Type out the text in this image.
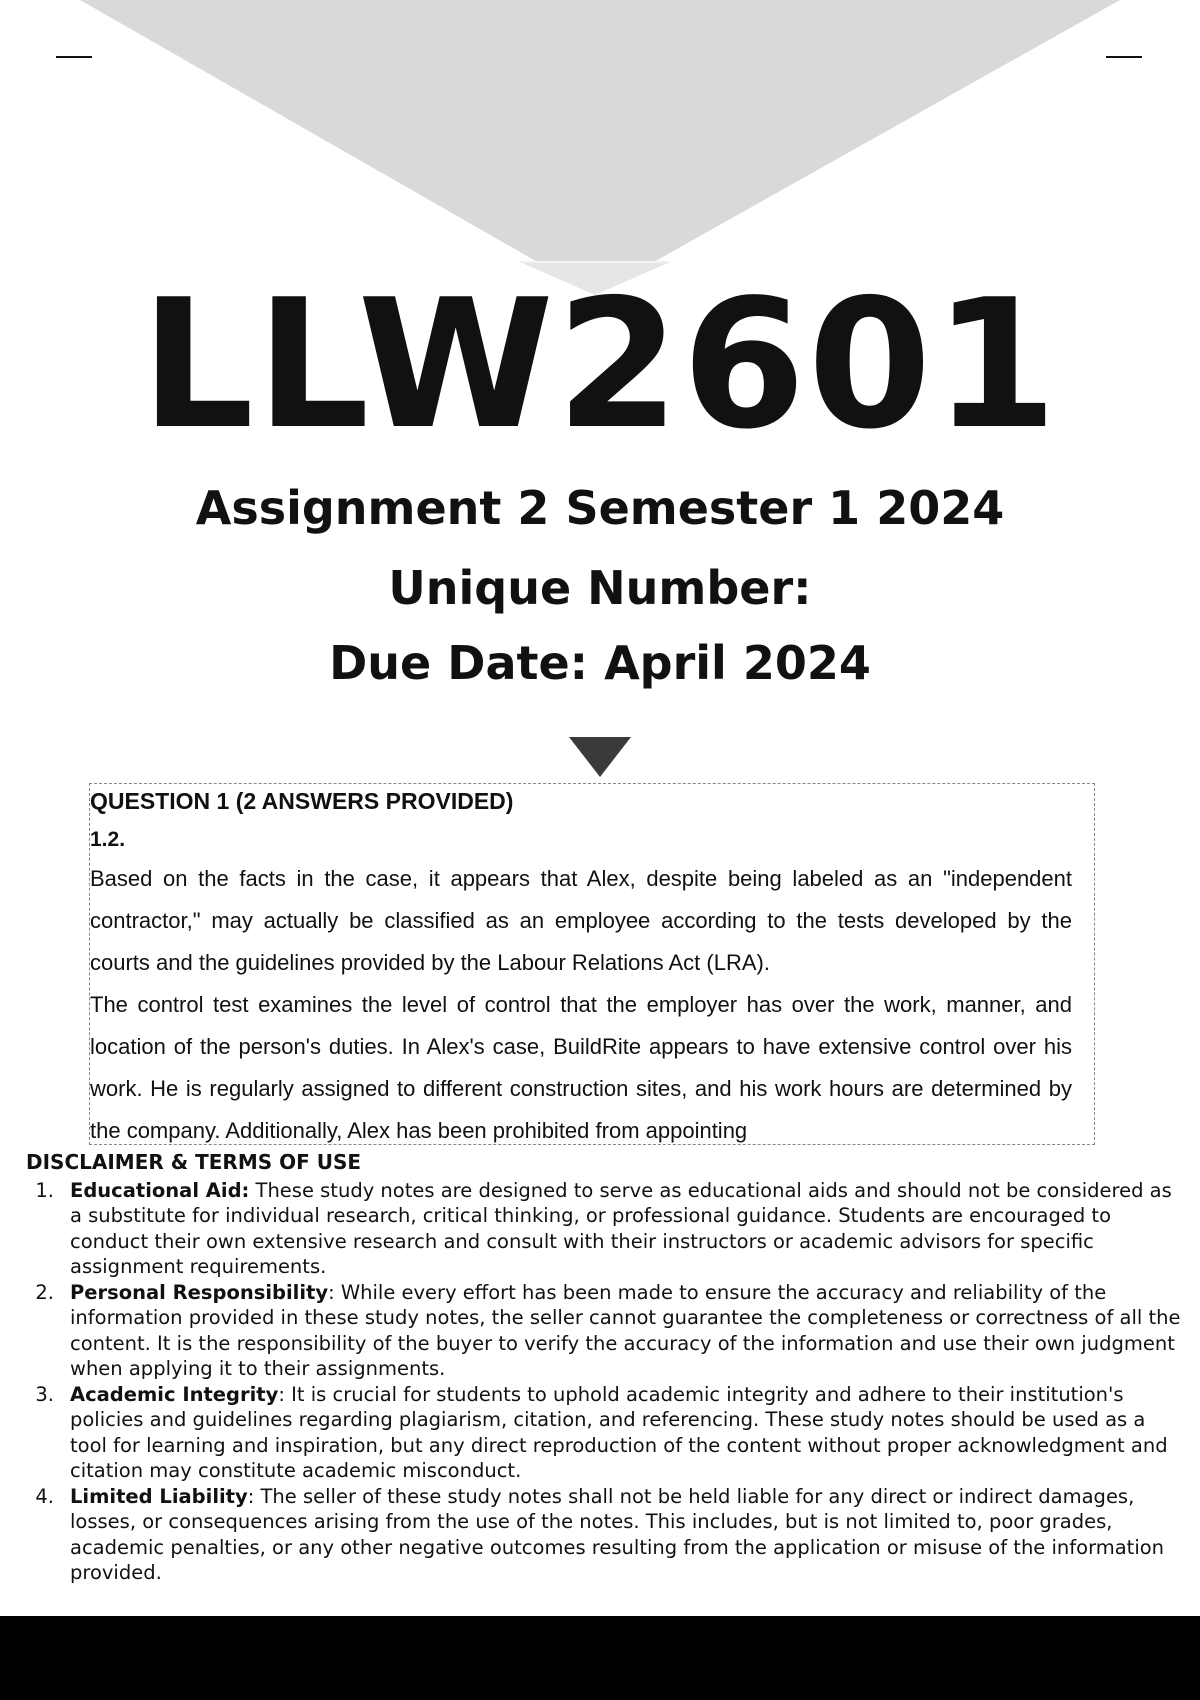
LLW2601
Assignment 2 Semester 1 2024
Unique Number:
Due Date: April 2024

QUESTION 1 (2 ANSWERS PROVIDED)

1.2.

Based on the facts in the case, it appears that Alex, despite being labeled as an "independent contractor," may actually be classified as an employee according to the tests developed by the courts and the guidelines provided by the Labour Relations Act (LRA).

The control test examines the level of control that the employer has over the work, manner, and location of the person's duties. In Alex's case, BuildRite appears to have extensive control over his work. He is regularly assigned to different construction sites, and his work hours are determined by the company. Additionally, Alex has been prohibited from appointing

DISCLAIMER & TERMS OF USE

1. Educational Aid: These study notes are designed to serve as educational aids and should not be considered as a substitute for individual research, critical thinking, or professional guidance. Students are encouraged to conduct their own extensive research and consult with their instructors or academic advisors for specific assignment requirements.
2. Personal Responsibility: While every effort has been made to ensure the accuracy and reliability of the information provided in these study notes, the seller cannot guarantee the completeness or correctness of all the content. It is the responsibility of the buyer to verify the accuracy of the information and use their own judgment when applying it to their assignments.
3. Academic Integrity: It is crucial for students to uphold academic integrity and adhere to their institution's policies and guidelines regarding plagiarism, citation, and referencing. These study notes should be used as a tool for learning and inspiration, but any direct reproduction of the content without proper acknowledgment and citation may constitute academic misconduct.
4. Limited Liability: The seller of these study notes shall not be held liable for any direct or indirect damages, losses, or consequences arising from the use of the notes. This includes, but is not limited to, poor grades, academic penalties, or any other negative outcomes resulting from the application or misuse of the information provided.
